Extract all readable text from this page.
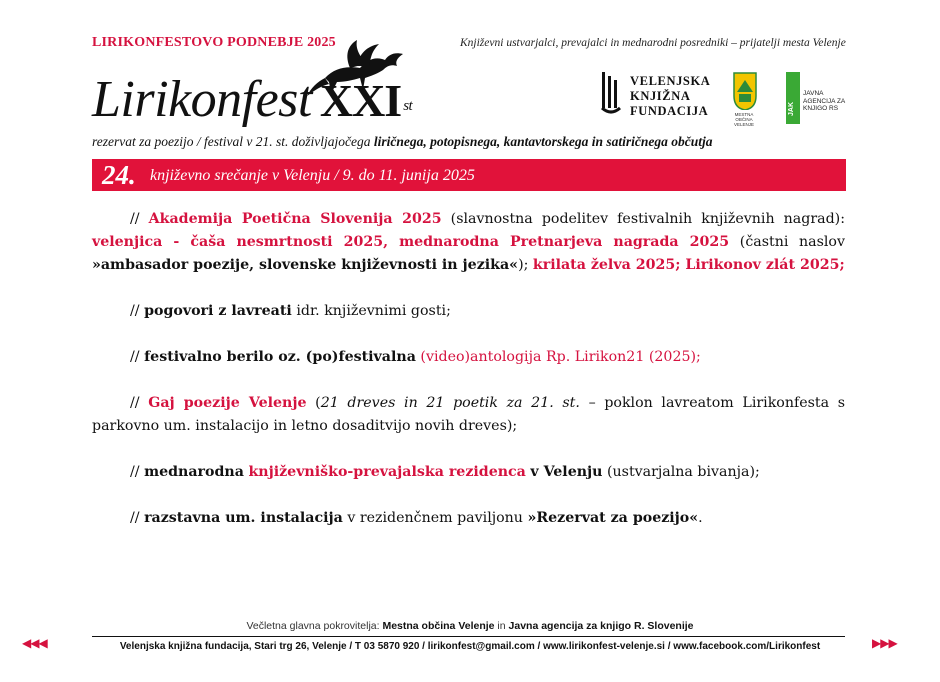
LIRIKONFESTOVO PODNEBJE 2025	Književni ustvarjalci, prevajalci in mednarodni posredniki – prijatelji mesta Velenje
Lirikonfest XXI $^{st}$
rezervat za poezijo / festival v 21. st. doživljajočega liričnega, potopisnega, kantavtorskega in satiričnega občutja
VELENJSKA
KNJIŽNA
FUNDACIJA	MESTNA OBČINA
VELENJE
JAK
JAVNA
AGENCIJA ZA
KNJIGO RS
24. književno srečanje v Velenju / 9. do 11. junija 2025

// Akademija Poetična Slovenija 2025 (slavnostna podelitev festivalnih književnih nagrad): velenjica - čaša nesmrtnosti 2025, mednarodna Pretnarjeva nagrada 2025 (častni naslov »ambasador poezije, slovenske književnosti in jezika«); krilata želva 2025; Lirikonov zlát 2025;

// pogovori z lavreati idr. književnimi gosti;

// festivalno berilo oz. (po)festivalna (video)antologija Rp. Lirikon21 (2025);

// Gaj poezije Velenje (21 dreves in 21 poetik za 21. st. – poklon lavreatom Lirikonfesta s parkovno um. instalacijo in letno dosaditvijo novih dreves);

// mednarodna književniško-prevajalska rezidenca v Velenju (ustvarjalna bivanja);

// razstavna um. instalacija v rezidenčnem paviljonu »Rezervat za poezijo«.

Večletna glavna pokrovitelja: Mestna občina Velenje in Javna agencija za knjigo R. Slovenije
Velenjska knjižna fundacija, Stari trg 26, Velenje / T 03 5870 920 / lirikonfest@gmail.com / www.lirikonfest-velenje.si / www.facebook.com/Lirikonfest
◀◀◀	▶▶▶
